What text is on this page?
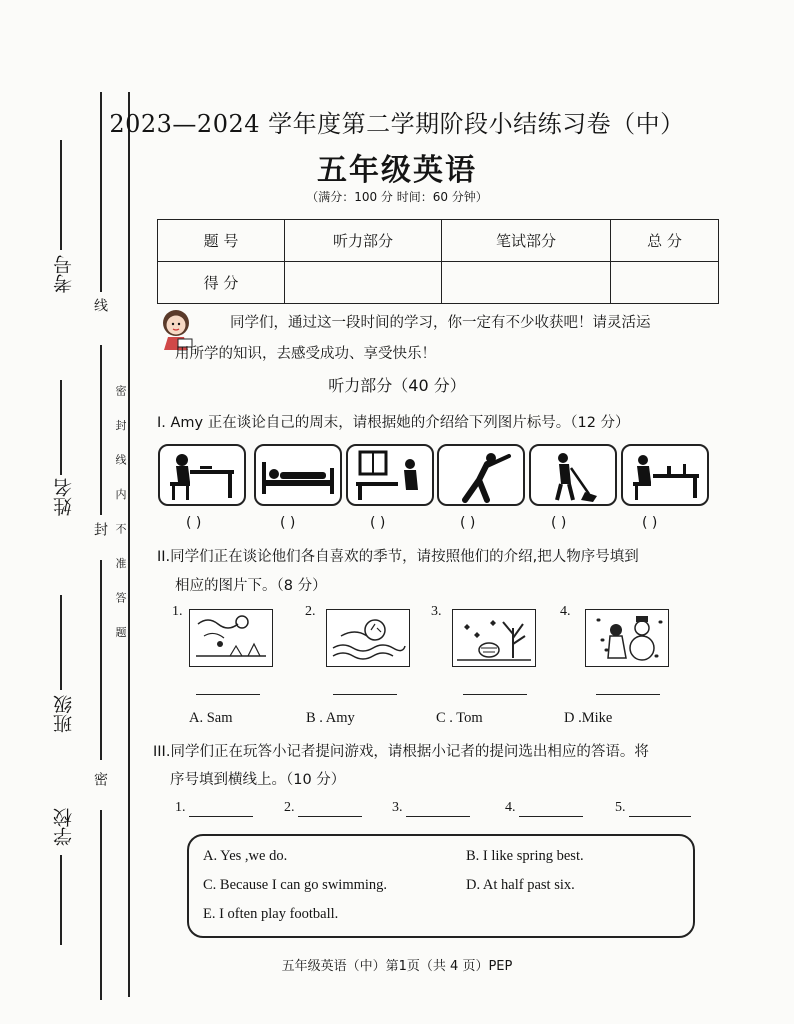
线
封
密
密 封 线 内 不 准 答 题
考号
姓名
班级
学校
2023—2024 学年度第二学期阶段小结练习卷（中）
五年级英语
（满分：100 分 时间：60 分钟）
题 号	听力部分	笔试部分	总 分
得 分			
同学们，通过这一段时间的学习，你一定有不少收获吧！请灵活运
用所学的知识，去感受成功、享受快乐！
听力部分（40 分）
I. Amy 正在谈论自己的周末，请根据她的介绍给下列图片标号。（12 分）
( )	( )	( )	( )	( )	( )
II.同学们正在谈论他们各自喜欢的季节，请按照他们的介绍,把人物序号填到
相应的图片下。（8 分）
1.	2.	3.	4.
A. Sam	B . Amy	C . Tom	D .Mike
III.同学们正在玩答小记者提问游戏，请根据小记者的提问选出相应的答语。将
序号填到横线上。（10 分）
1.	2.	3.	4.	5.
A. Yes ,we do.	B. I like spring best.
C. Because I can go swimming.	D. At half past six.
E. I often play football.
五年级英语（中）第1页（共 4 页）PEP
